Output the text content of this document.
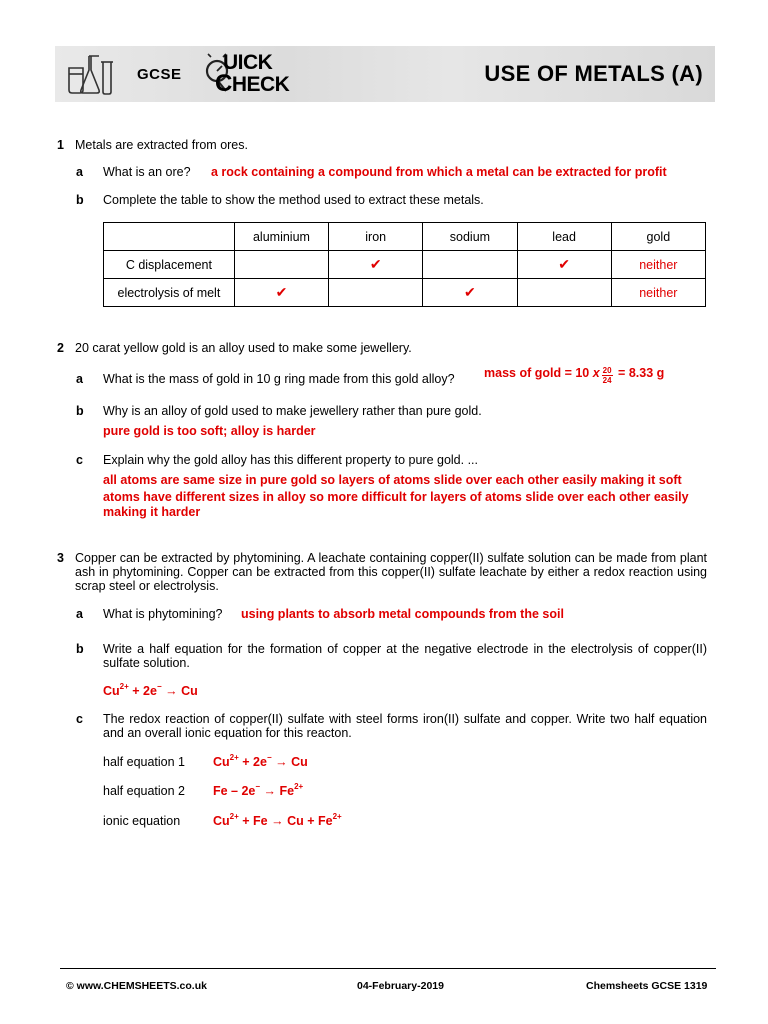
GCSE
UICK
CHECK	USE OF METALS (A)
1 Metals are extracted from ores.
a What is an ore? a rock containing a compound from which a metal can be extracted for profit
b Complete the table to show the method used to extract these metals.
	aluminium	iron	sodium	lead	gold
C displacement		✔		✔	neither
electrolysis of melt	✔		✔		neither
2 20 carat yellow gold is an alloy used to make some jewellery.
a What is the mass of gold in 10 g ring made from this gold alloy? mass of gold = 10 x $\frac{20}{24} = 8.33$ g
b Why is an alloy of gold used to make jewellery rather than pure gold.
pure gold is too soft; alloy is harder
c Explain why the gold alloy has this different property to pure gold. ...
all atoms are same size in pure gold so layers of atoms slide over each other easily making it soft
atoms have different sizes in alloy so more difficult for layers of atoms slide over each other easily making it harder
3 Copper can be extracted by phytomining. A leachate containing copper(II) sulfate solution can be made from plant ash in phytomining. Copper can be extracted from this copper(II) sulfate leachate by either a redox reaction using scrap steel or electrolysis.
a What is phytomining? using plants to absorb metal compounds from the soil
b Write a half equation for the formation of copper at the negative electrode in the electrolysis of copper(II) sulfate solution.
$Cu^{2+} + 2e^- \to Cu$
c The redox reaction of copper(II) sulfate with steel forms iron(II) sulfate and copper. Write two half equation and an overall ionic equation for this reacton.
half equation 1 $Cu^{2+} + 2e^- \to Cu$
half equation 2 $Fe - 2e^- \to Fe^{2+}$
ionic equation	$Cu^{2+} + Fe \to Cu + Fe^{2+}$
© www.CHEMSHEETS.co.uk	04-February-2019	Chemsheets GCSE 1319
